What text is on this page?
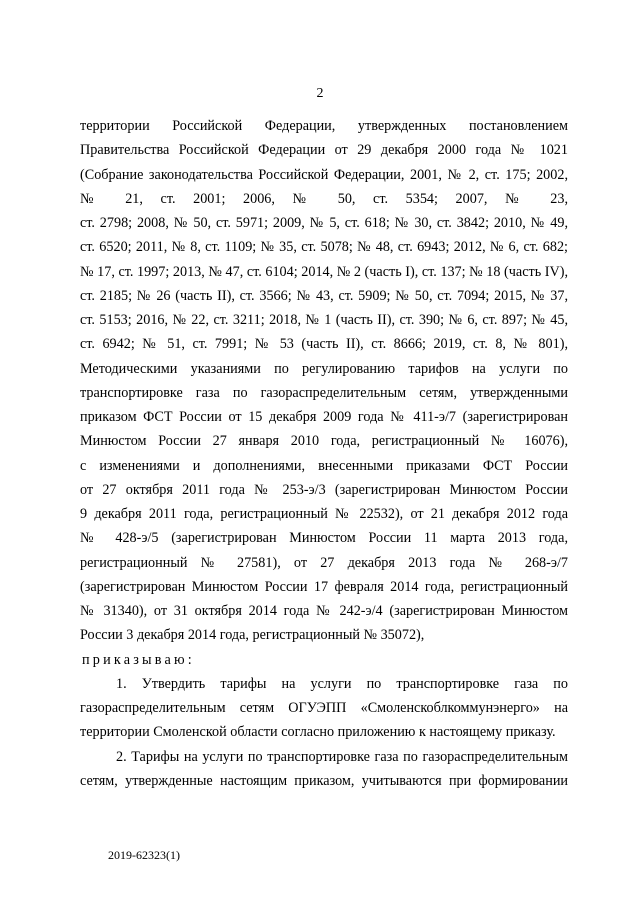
2

территории Российской Федерации, утвержденных постановлением

Правительства Российской Федерации от 29 декабря 2000 года № 1021

(Собрание законодательства Российской Федерации, 2001, № 2, ст. 175; 2002,

№ 21, ст. 2001; 2006, № 50, ст. 5354; 2007, № 23,

ст. 2798; 2008, № 50, ст. 5971; 2009, № 5, ст. 618; № 30, ст. 3842; 2010, № 49,

ст. 6520; 2011, № 8, ст. 1109; № 35, ст. 5078; № 48, ст. 6943; 2012, № 6, ст. 682;

№ 17, ст. 1997; 2013, № 47, ст. 6104; 2014, № 2 (часть I), ст. 137; № 18 (часть IV),

ст. 2185; № 26 (часть II), ст. 3566; № 43, ст. 5909; № 50, ст. 7094; 2015, № 37,

ст. 5153; 2016, № 22, ст. 3211; 2018, № 1 (часть II), ст. 390; № 6, ст. 897; № 45,

ст. 6942; № 51, ст. 7991; № 53 (часть II), ст. 8666; 2019, ст. 8, № 801),

Методическими указаниями по регулированию тарифов на услуги по

транспортировке газа по газораспределительным сетям, утвержденными

приказом ФСТ России от 15 декабря 2009 года № 411-э/7 (зарегистрирован

Минюстом России 27 января 2010 года, регистрационный № 16076),

с изменениями и дополнениями, внесенными приказами ФСТ России

от 27 октября 2011 года № 253-э/3 (зарегистрирован Минюстом России

9 декабря 2011 года, регистрационный № 22532), от 21 декабря 2012 года

№ 428-э/5 (зарегистрирован Минюстом России 11 марта 2013 года,

регистрационный № 27581), от 27 декабря 2013 года № 268-э/7

(зарегистрирован Минюстом России 17 февраля 2014 года, регистрационный

№ 31340), от 31 октября 2014 года № 242-э/4 (зарегистрирован Минюстом

России 3 декабря 2014 года, регистрационный № 35072),

приказываю:

1. Утвердить тарифы на услуги по транспортировке газа по

газораспределительным сетям ОГУЭПП «Смоленскоблкоммунэнерго» на

территории Смоленской области согласно приложению к настоящему приказу.

2. Тарифы на услуги по транспортировке газа по газораспределительным

сетям, утвержденные настоящим приказом, учитываются при формировании

2019-62323(1)
